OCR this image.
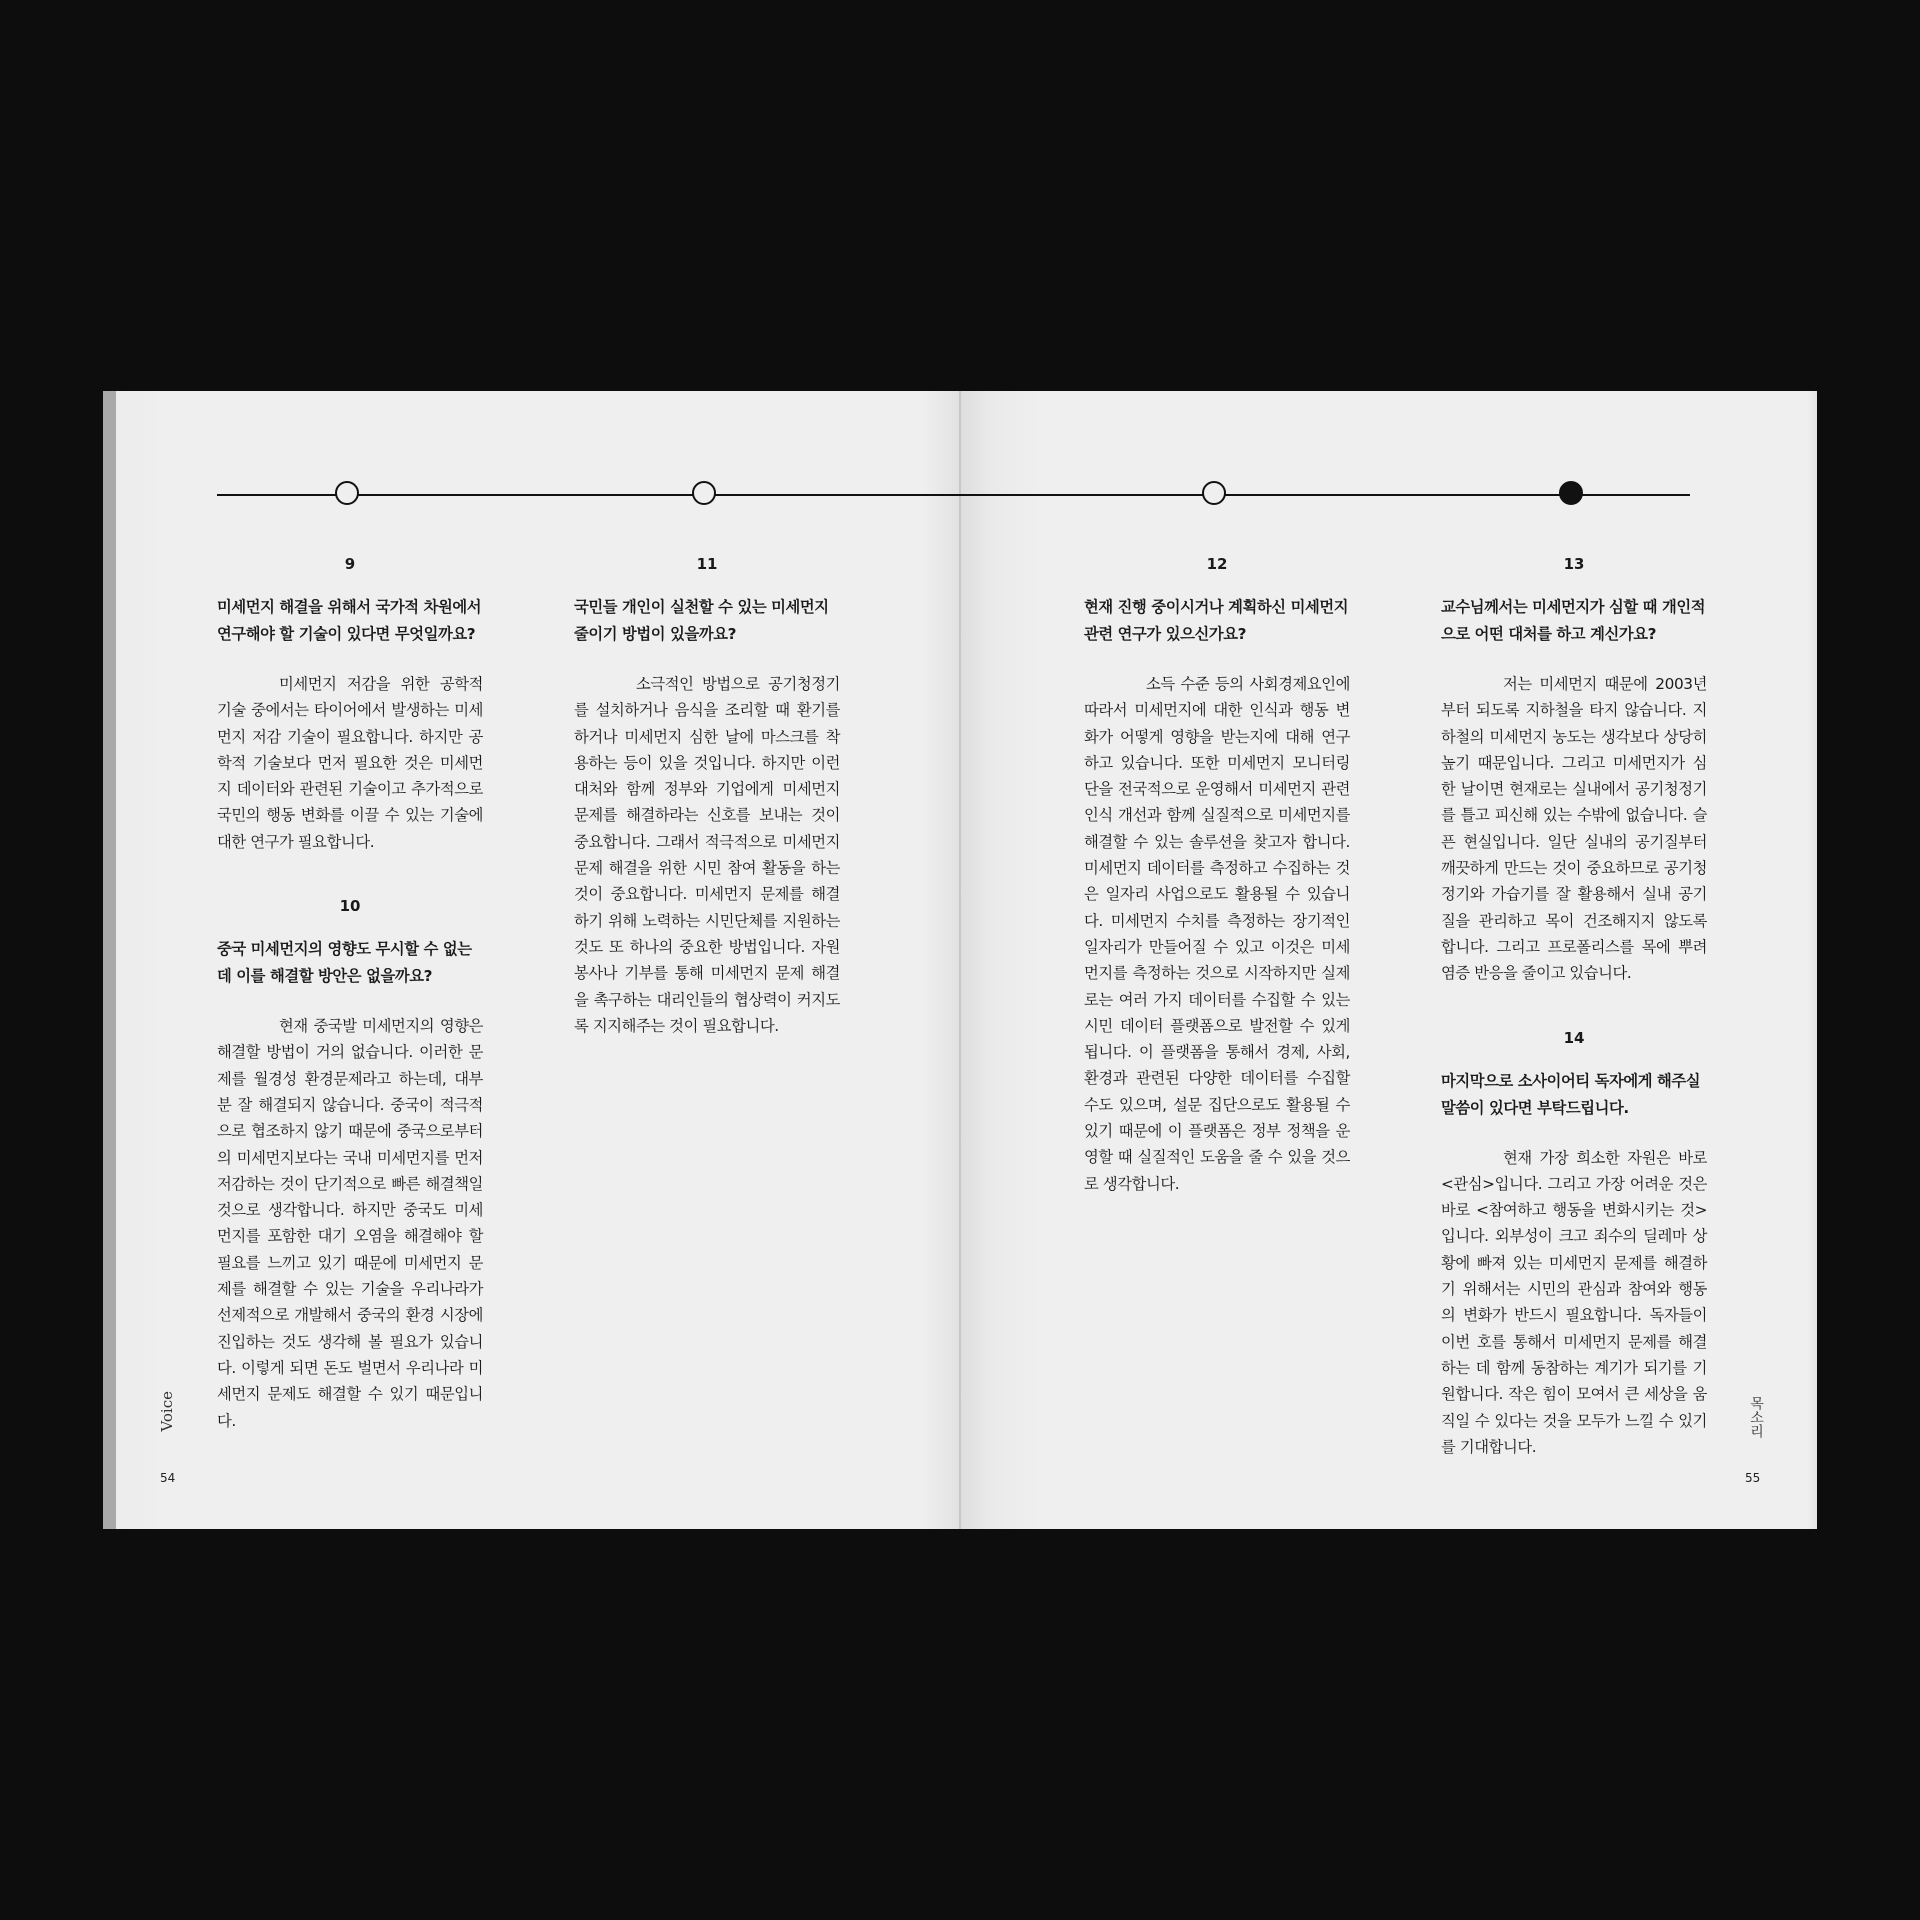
9
미세먼지 해결을 위해서 국가적 차원에서 연구해야 할 기술이 있다면 무엇일까요?
미세먼지 저감을 위한 공학적 기술 중에서는 타이어에서 발생하는 미세먼지 저감 기술이 필요합니다. 하지만 공학적 기술보다 먼저 필요한 것은 미세먼지 데이터와 관련된 기술이고 추가적으로 국민의 행동 변화를 이끌 수 있는 기술에 대한 연구가 필요합니다.
10
중국 미세먼지의 영향도 무시할 수 없는데 이를 해결할 방안은 없을까요?
현재 중국발 미세먼지의 영향은 해결할 방법이 거의 없습니다. 이러한 문제를 월경성 환경문제라고 하는데, 대부분 잘 해결되지 않습니다. 중국이 적극적으로 협조하지 않기 때문에 중국으로부터의 미세먼지보다는 국내 미세먼지를 먼저 저감하는 것이 단기적으로 빠른 해결책일 것으로 생각합니다. 하지만 중국도 미세먼지를 포함한 대기 오염을 해결해야 할 필요를 느끼고 있기 때문에 미세먼지 문제를 해결할 수 있는 기술을 우리나라가 선제적으로 개발해서 중국의 환경 시장에 진입하는 것도 생각해 볼 필요가 있습니다. 이렇게 되면 돈도 벌면서 우리나라 미세먼지 문제도 해결할 수 있기 때문입니다.
11
국민들 개인이 실천할 수 있는 미세먼지 줄이기 방법이 있을까요?
소극적인 방법으로 공기청정기를 설치하거나 음식을 조리할 때 환기를 하거나 미세먼지 심한 날에 마스크를 착용하는 등이 있을 것입니다. 하지만 이런 대처와 함께 정부와 기업에게 미세먼지 문제를 해결하라는 신호를 보내는 것이 중요합니다. 그래서 적극적으로 미세먼지 문제 해결을 위한 시민 참여 활동을 하는 것이 중요합니다. 미세먼지 문제를 해결하기 위해 노력하는 시민단체를 지원하는 것도 또 하나의 중요한 방법입니다. 자원봉사나 기부를 통해 미세먼지 문제 해결을 촉구하는 대리인들의 협상력이 커지도록 지지해주는 것이 필요합니다.
12
현재 진행 중이시거나 계획하신 미세먼지 관련 연구가 있으신가요?
소득 수준 등의 사회경제요인에 따라서 미세먼지에 대한 인식과 행동 변화가 어떻게 영향을 받는지에 대해 연구하고 있습니다. 또한 미세먼지 모니터링단을 전국적으로 운영해서 미세먼지 관련 인식 개선과 함께 실질적으로 미세먼지를 해결할 수 있는 솔루션을 찾고자 합니다. 미세먼지 데이터를 측정하고 수집하는 것은 일자리 사업으로도 활용될 수 있습니다. 미세먼지 수치를 측정하는 장기적인 일자리가 만들어질 수 있고 이것은 미세먼지를 측정하는 것으로 시작하지만 실제로는 여러 가지 데이터를 수집할 수 있는 시민 데이터 플랫폼으로 발전할 수 있게 됩니다. 이 플랫폼을 통해서 경제, 사회, 환경과 관련된 다양한 데이터를 수집할 수도 있으며, 설문 집단으로도 활용될 수 있기 때문에 이 플랫폼은 정부 정책을 운영할 때 실질적인 도움을 줄 수 있을 것으로 생각합니다.
13
교수님께서는 미세먼지가 심할 때 개인적으로 어떤 대처를 하고 계신가요?
저는 미세먼지 때문에 2003년부터 되도록 지하철을 타지 않습니다. 지하철의 미세먼지 농도는 생각보다 상당히 높기 때문입니다. 그리고 미세먼지가 심한 날이면 현재로는 실내에서 공기청정기를 틀고 피신해 있는 수밖에 없습니다. 슬픈 현실입니다. 일단 실내의 공기질부터 깨끗하게 만드는 것이 중요하므로 공기청정기와 가습기를 잘 활용해서 실내 공기질을 관리하고 목이 건조해지지 않도록 합니다. 그리고 프로폴리스를 목에 뿌려 염증 반응을 줄이고 있습니다.
14
마지막으로 소사이어티 독자에게 해주실 말씀이 있다면 부탁드립니다.
현재 가장 희소한 자원은 바로 <관심>입니다. 그리고 가장 어려운 것은 바로 <참여하고 행동을 변화시키는 것> 입니다. 외부성이 크고 죄수의 딜레마 상황에 빠져 있는 미세먼지 문제를 해결하기 위해서는 시민의 관심과 참여와 행동의 변화가 반드시 필요합니다. 독자들이 이번 호를 통해서 미세먼지 문제를 해결하는 데 함께 동참하는 계기가 되기를 기원합니다. 작은 힘이 모여서 큰 세상을 움직일 수 있다는 것을 모두가 느낄 수 있기를 기대합니다.
Voice	목소리
54	55
